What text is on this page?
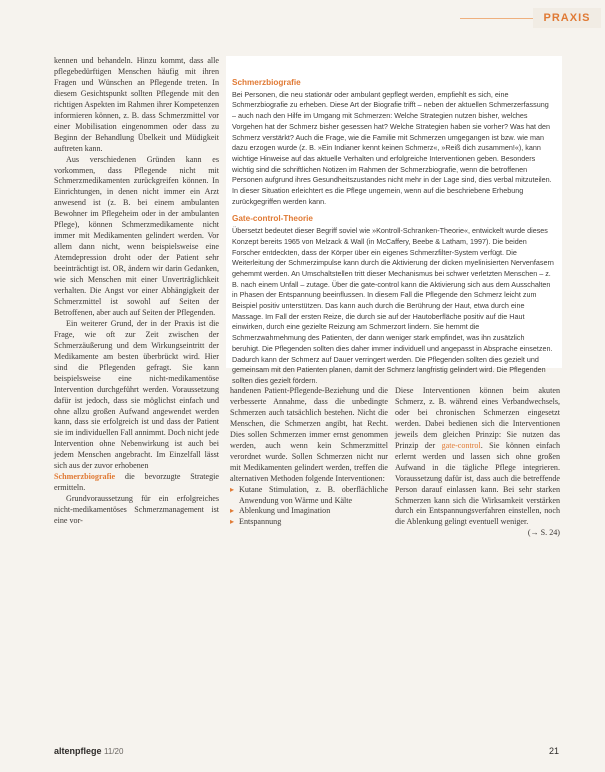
PRAXIS

kennen und behandeln. Hinzu kommt, dass alle pflegebedürftigen Menschen häufig mit ihren Fragen und Wünschen an Pflegende treten. In diesem Gesichtspunkt sollten Pflegende mit den richtigen Aspekten im Rahmen ihrer Kompetenzen informieren können, z. B. dass Schmerzmittel vor einer Mobilisation eingenommen oder dass zu Beginn der Behandlung Übelkeit und Müdigkeit auftreten kann.

Aus verschiedenen Gründen kann es vorkommen, dass Pflegende nicht mit Schmerzmedikamenten zurückgreifen können. In Einrichtungen, in denen nicht immer ein Arzt anwesend ist (z. B. bei einem ambulanten Bewohner im Pflegeheim oder in der ambulanten Pflege), können Schmerzmedikamente nicht immer mit Medikamenten gelindert werden. Vor allem dann nicht, wenn beispielsweise eine Atemdepression droht oder der Patient sehr beeinträchtigt ist. OR, ändern wir darin Gedanken, wie sich Menschen mit einer Unverträglichkeit verhalten. Die Angst vor einer Abhängigkeit der Schmerzmittel ist sowohl auf Seiten der Betroffenen, aber auch auf Seiten der Pflegenden.

Ein weiterer Grund, der in der Praxis ist die Frage, wie oft zur Zeit zwischen der Schmerzäußerung und dem Wirkungseintritt der Medikamente am besten überbrückt wird. Hier sind die Pflegenden gefragt. Sie kann beispielsweise eine nicht-medikamentöse Intervention durchgeführt werden. Voraussetzung dafür ist jedoch, dass sie möglichst einfach und ohne allzu großen Aufwand angewendet werden kann, dass sie erfolgreich ist und dass der Patient sie im individuellen Fall annimmt. Doch nicht jede Intervention ohne Nebenwirkung ist auch bei jedem Menschen angebracht. Im Einzelfall lässt sich aus der zuvor erhobenen

Schmerzbiografie die bevorzugte Strategie ermitteln.

Grundvoraussetzung für ein erfolgreiches nicht-medikamentöses Schmerzmanagement ist eine vor-

Schmerzbiografie

Bei Personen, die neu stationär oder ambulant gepflegt werden, empfiehlt es sich, eine Schmerzbiografie zu erheben. Diese Art der Biografie trifft – neben der aktuellen Schmerzerfassung – auch nach den Hilfe im Umgang mit Schmerzen: Welche Strategien nutzen bisher, welches Vorgehen hat der Schmerz bisher gesessen hat? Welche Strategien haben sie vorher? Was hat den Schmerz verstärkt? Auch die Frage, wie die Familie mit Schmerzen umgegangen ist bzw. wie man dazu erzogen wurde (z. B. »Ein Indianer kennt keinen Schmerz«, »Reiß dich zusammen!«), kann wichtige Hinweise auf das aktuelle Verhalten und erfolgreiche Interventionen geben. Besonders wichtig sind die schriftlichen Notizen im Rahmen der Schmerzbiografie, wenn die betroffenen Personen aufgrund ihres Gesundheitszustandes nicht mehr in der Lage sind, dies verbal mitzuteilen. In dieser Situation erleichtert es die Pflege ungemein, wenn auf die beschriebene Erhebung zurückgegriffen werden kann.

Gate-control-Theorie

Übersetzt bedeutet dieser Begriff soviel wie »Kontroll-Schranken-Theorie«, entwickelt wurde dieses Konzept bereits 1965 von Melzack & Wall (in McCaffery, Beebe & Latham, 1997). Die beiden Forscher entdeckten, dass der Körper über ein eigenes Schmerzfilter-System verfügt. Die Weiterleitung der Schmerzimpulse kann durch die Aktivierung der dicken myelinisierten Nervenfasern gehemmt werden. An Umschaltstellen tritt dieser Mechanismus bei schwer verletzten Menschen – z. B. nach einem Unfall – zutage. Über die gate-control kann die Aktivierung sich aus dem Ausschalten in Phasen der Entspannung beeinflussen. In diesem Fall die Pflegende den Schmerz leicht zum Beispiel positiv unterstützen. Das kann auch durch die Berührung der Haut, etwa durch eine Massage. Im Fall der ersten Reize, die durch sie auf der Hautoberfläche positiv auf die Haut einwirken, durch eine gezielte Reizung am Schmerzort lindern. Sie hemmt die Schmerzwahrnehmung des Patienten, der dann weniger stark empfindet, was ihn zusätzlich beruhigt. Die Pflegenden sollten dies daher immer individuell und angepasst in Absprache einsetzen. Dadurch kann der Schmerz auf Dauer verringert werden. Die Pflegenden sollten dies gezielt und gemeinsam mit den Patienten planen, damit der Schmerz langfristig gelindert wird. Die Pflegenden sollten dies gezielt fördern.

handenen Patient-Pflegende-Beziehung und die verbesserte Annahme, dass die unbedingte Schmerzen auch tatsächlich bestehen. Nicht die Menschen, die Schmerzen angibt, hat Recht. Dies sollen Schmerzen immer ernst genommen werden, auch wenn kein Schmerzmittel verordnet wurde. Sollen Schmerzen nicht nur mit Medikamenten gelindert werden, treffen die alternativen Methoden folgende Interventionen:

▸ Kutane Stimulation, z. B. oberflächliche Anwendung von Wärme und Kälte
▸ Ablenkung und Imagination
▸ Entspannung

Diese Interventionen können beim akuten Schmerz, z. B. während eines Verbandwechsels, oder bei chronischen Schmerzen eingesetzt werden. Dabei bedienen sich die Interventionen jeweils dem gleichen Prinzip: Sie nutzen das Prinzip der gate-control. Sie können einfach erlernt werden und lassen sich ohne großen Aufwand in die tägliche Pflege integrieren. Voraussetzung dafür ist, dass auch die betreffende Person darauf einlassen kann. Bei sehr starken Schmerzen kann sich die Wirksamkeit verstärken durch ein Entspannungsverfahren einstellen, noch die Ablenkung gelingt eventuell weniger.

(→ S. 24)
altenpflege 11/20	21
